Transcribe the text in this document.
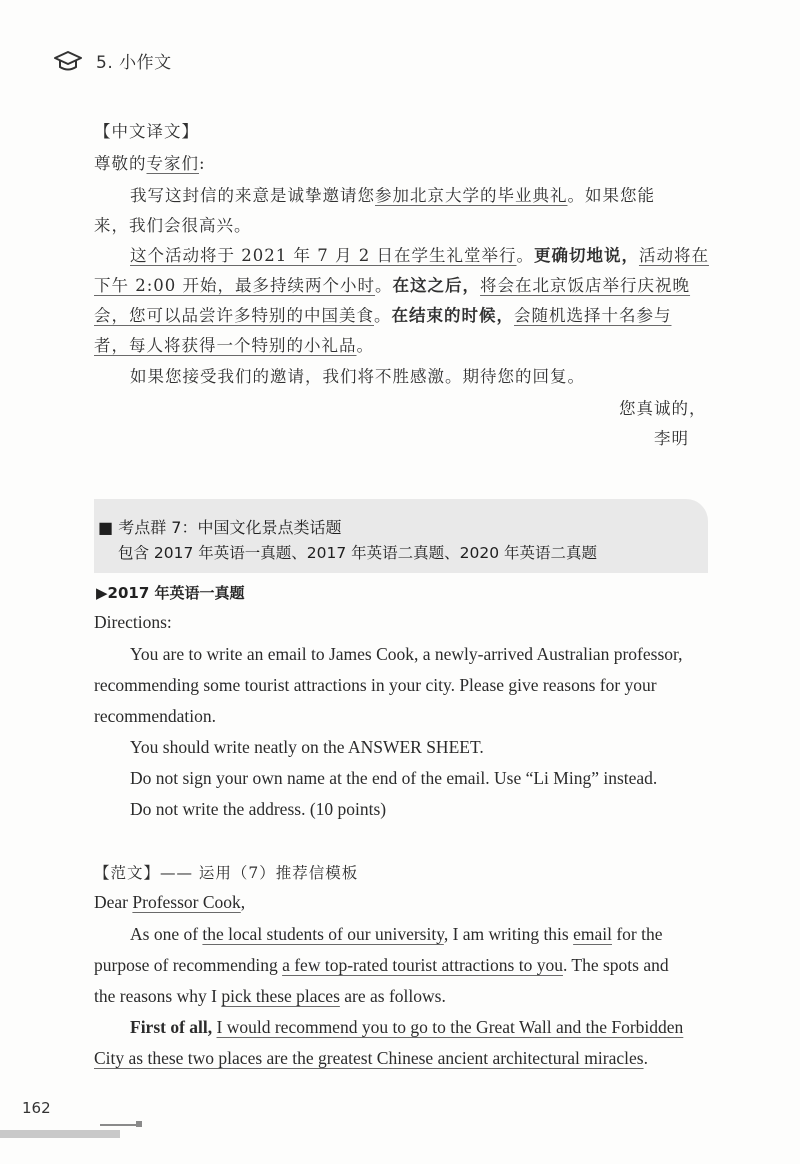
5. 小作文
【中文译文】
尊敬的专家们:
我写这封信的来意是诚挚邀请您参加北京大学的毕业典礼。如果您能
来，我们会很高兴。
这个活动将于 2021 年 7 月 2 日在学生礼堂举行。更确切地说，活动将在
下午 2:00 开始，最多持续两个小时。在这之后，将会在北京饭店举行庆祝晚
会，您可以品尝许多特别的中国美食。在结束的时候，会随机选择十名参与
者，每人将获得一个特别的小礼品。
如果您接受我们的邀请，我们将不胜感激。期待您的回复。
您真诚的，
李明
■ 考点群 7：中国文化景点类话题
包含 2017 年英语一真题、2017 年英语二真题、2020 年英语二真题
▶2017 年英语一真题
Directions:
You are to write an email to James Cook, a newly-arrived Australian professor,
recommending some tourist attractions in your city. Please give reasons for your
recommendation.
You should write neatly on the ANSWER SHEET.
Do not sign your own name at the end of the email. Use “Li Ming” instead.
Do not write the address. (10 points)
【范文】—— 运用（7）推荐信模板
Dear Professor Cook,
As one of the local students of our university, I am writing this email for the
purpose of recommending a few top-rated tourist attractions to you. The spots and
the reasons why I pick these places are as follows.
First of all, I would recommend you to go to the Great Wall and the Forbidden
City as these two places are the greatest Chinese ancient architectural miracles.
162
